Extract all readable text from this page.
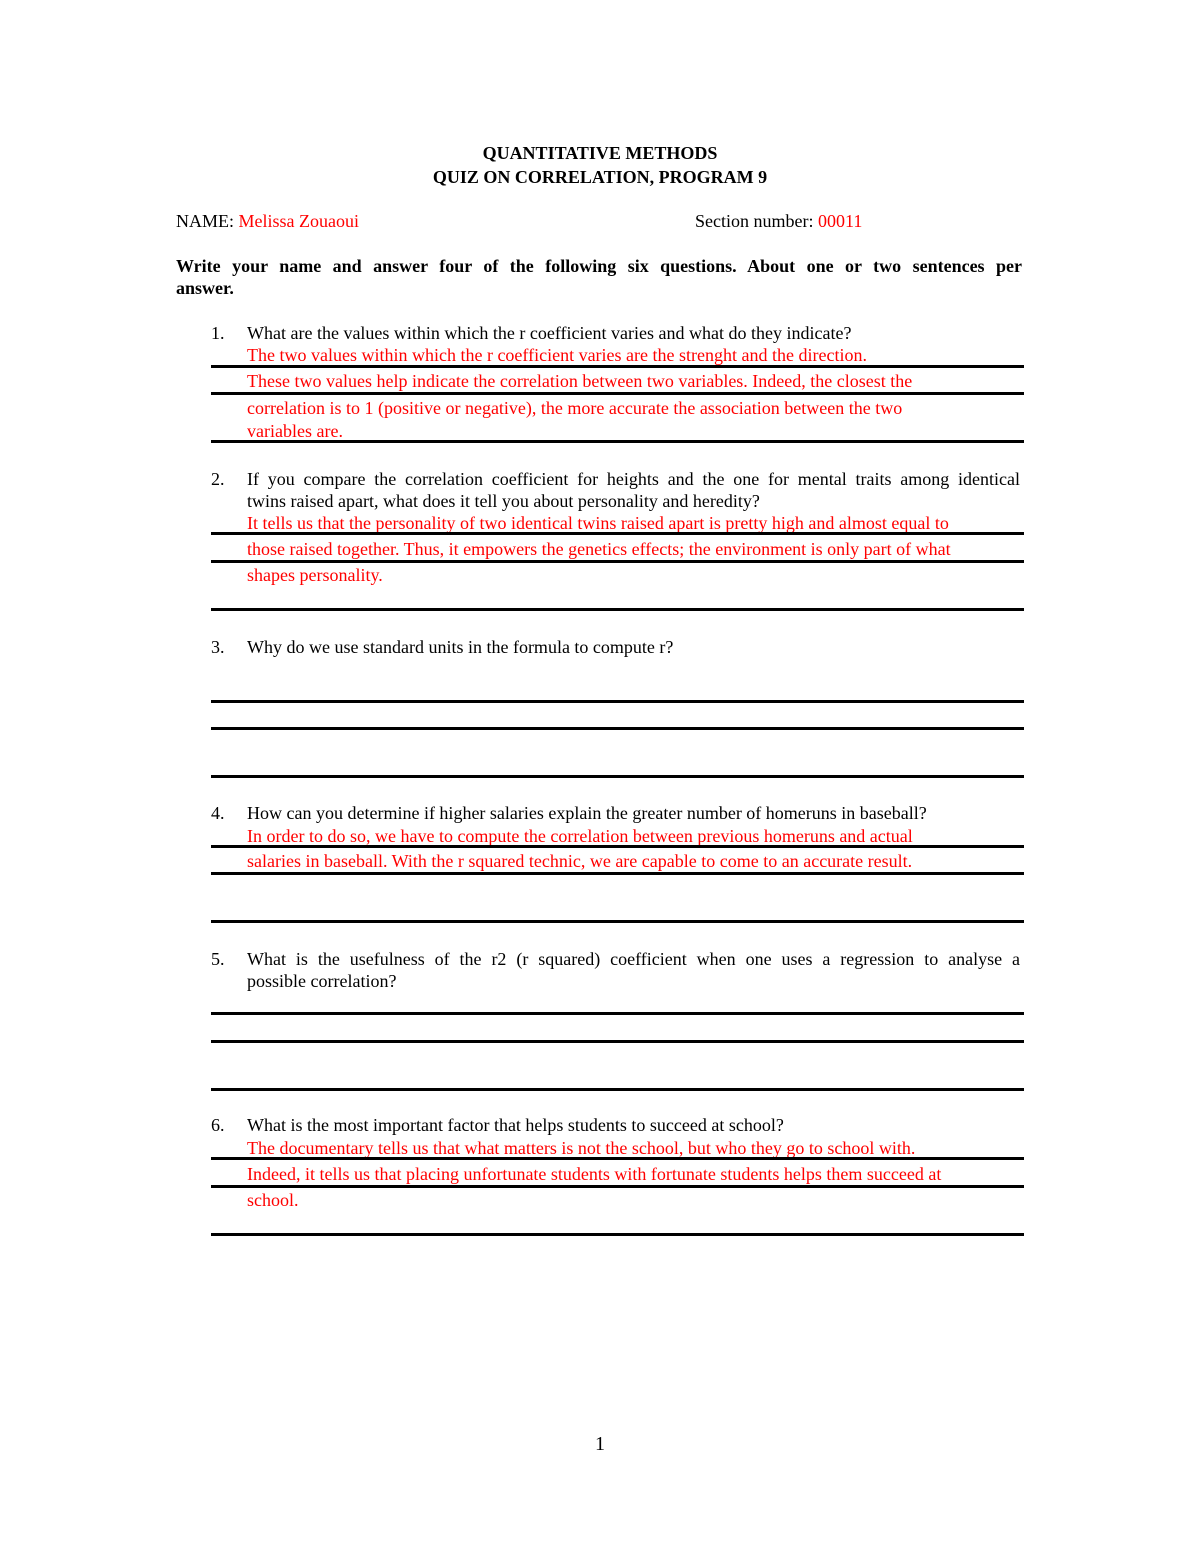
QUANTITATIVE METHODS
QUIZ ON CORRELATION, PROGRAM 9
NAME: Melissa Zouaoui	Section number: 00011
Write your name and answer four of the following six questions. About one or two sentences per
answer.
1. What are the values within which the r coefficient varies and what do they indicate?
The two values within which the r coefficient varies are the strenght and the direction.
These two values help indicate the correlation between two variables. Indeed, the closest the
correlation is to 1 (positive or negative), the more accurate the association between the two
variables are.
2. If you compare the correlation coefficient for heights and the one for mental traits among identical
twins raised apart, what does it tell you about personality and heredity?
It tells us that the personality of two identical twins raised apart is pretty high and almost equal to
those raised together. Thus, it empowers the genetics effects; the environment is only part of what
shapes personality.
3. Why do we use standard units in the formula to compute r?
4. How can you determine if higher salaries explain the greater number of homeruns in baseball?
In order to do so, we have to compute the correlation between previous homeruns and actual
salaries in baseball. With the r squared technic, we are capable to come to an accurate result.
5. What is the usefulness of the r2 (r squared) coefficient when one uses a regression to analyse a
possible correlation?
6. What is the most important factor that helps students to succeed at school?
The documentary tells us that what matters is not the school, but who they go to school with.
Indeed, it tells us that placing unfortunate students with fortunate students helps them succeed at
school.
1
